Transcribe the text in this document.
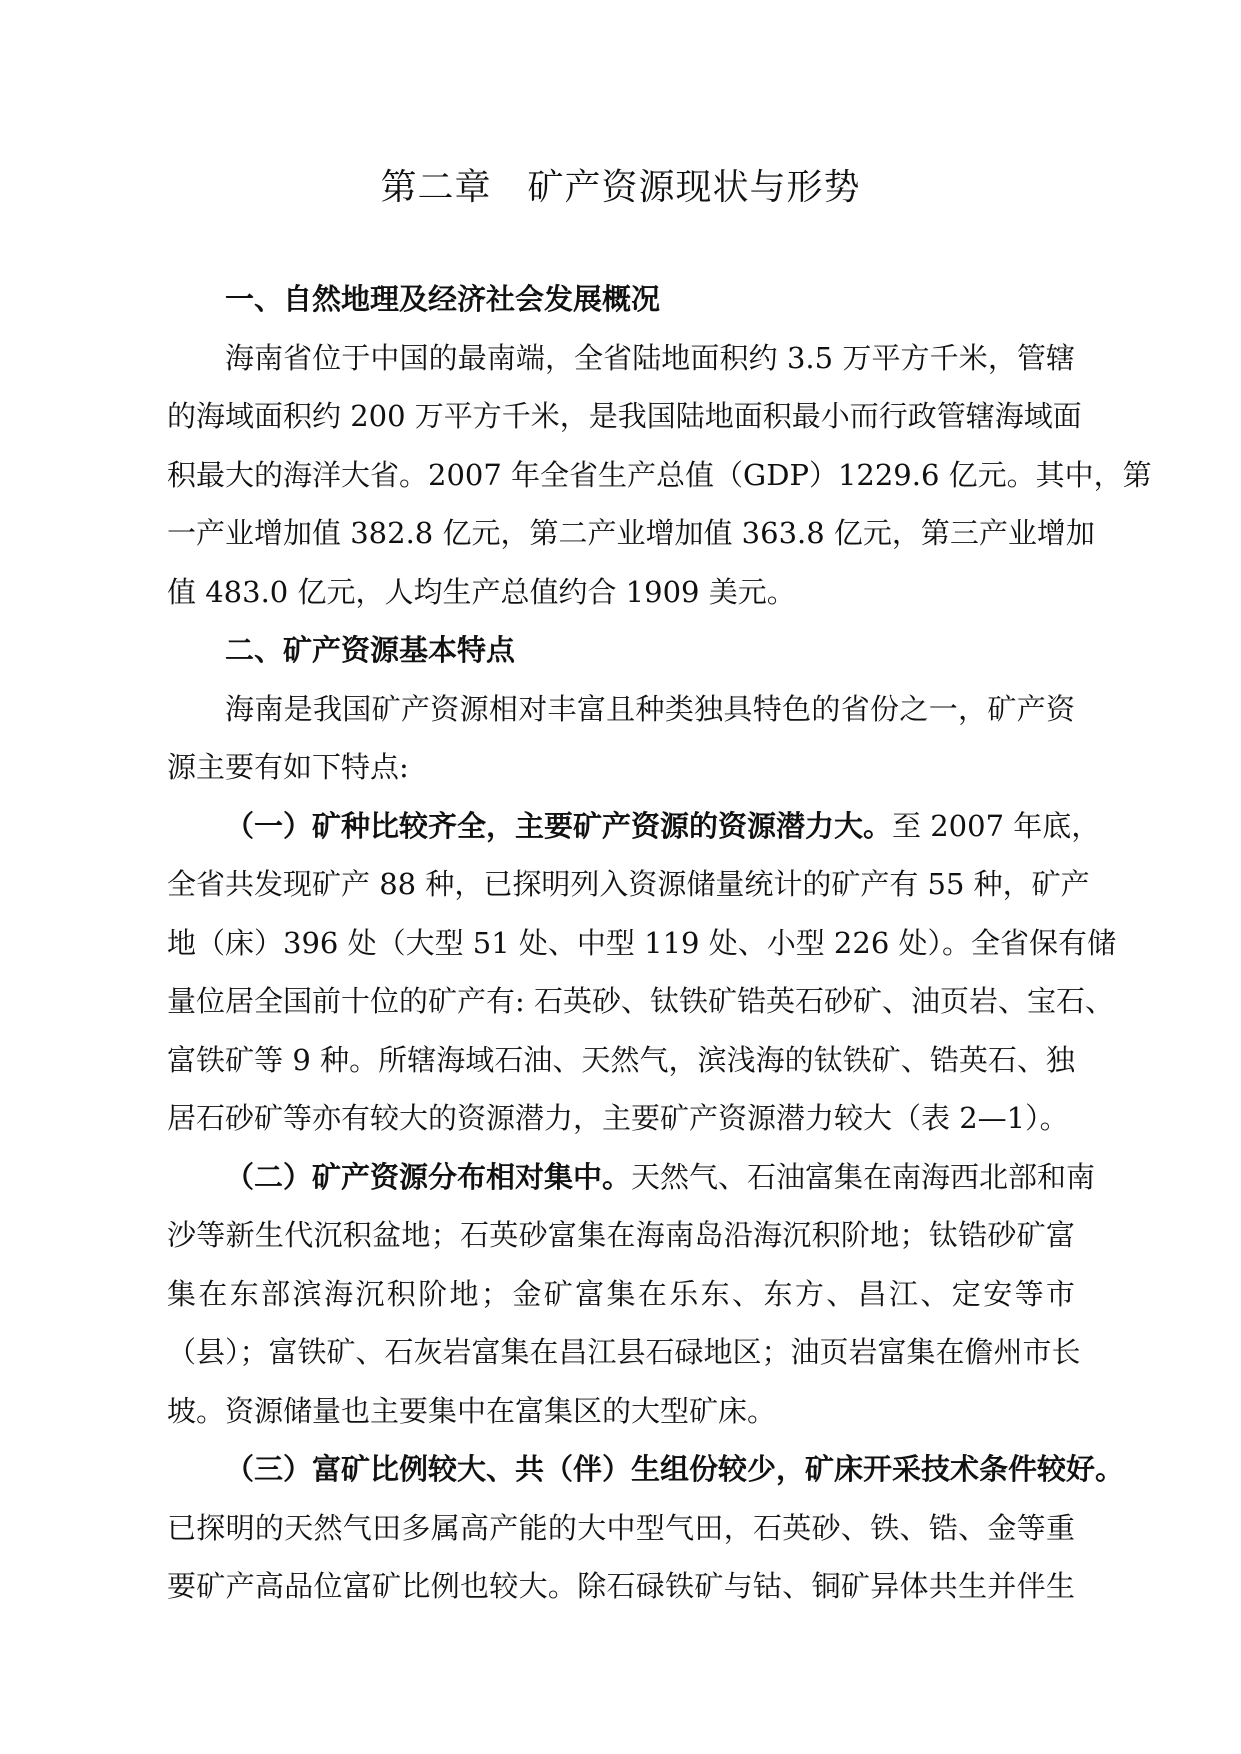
第二章 矿产资源现状与形势
一、自然地理及经济社会发展概况
海南省位于中国的最南端，全省陆地面积约 3.5 万平方千米，管辖
的海域面积约 200 万平方千米，是我国陆地面积最小而行政管辖海域面
积最大的海洋大省。2007 年全省生产总值（GDP）1229.6 亿元。其中，第
一产业增加值 382.8 亿元，第二产业增加值 363.8 亿元，第三产业增加
值 483.0 亿元，人均生产总值约合 1909 美元。
二、矿产资源基本特点
海南是我国矿产资源相对丰富且种类独具特色的省份之一，矿产资
源主要有如下特点:
（一）矿种比较齐全，主要矿产资源的资源潜力大。至 2007 年底，
全省共发现矿产 88 种，已探明列入资源储量统计的矿产有 55 种，矿产
地（床）396 处（大型 51 处、中型 119 处、小型 226 处）。全省保有储
量位居全国前十位的矿产有: 石英砂、钛铁矿锆英石砂矿、油页岩、宝石、
富铁矿等 9 种。所辖海域石油、天然气，滨浅海的钛铁矿、锆英石、独
居石砂矿等亦有较大的资源潜力，主要矿产资源潜力较大（表 2—1）。
（二）矿产资源分布相对集中。天然气、石油富集在南海西北部和南
沙等新生代沉积盆地；石英砂富集在海南岛沿海沉积阶地；钛锆砂矿富
集在东部滨海沉积阶地；金矿富集在乐东、东方、昌江、定安等市
（县）；富铁矿、石灰岩富集在昌江县石碌地区；油页岩富集在儋州市长
坡。资源储量也主要集中在富集区的大型矿床。
（三）富矿比例较大、共（伴）生组份较少，矿床开采技术条件较好。
已探明的天然气田多属高产能的大中型气田，石英砂、铁、锆、金等重
要矿产高品位富矿比例也较大。除石碌铁矿与钴、铜矿异体共生并伴生
